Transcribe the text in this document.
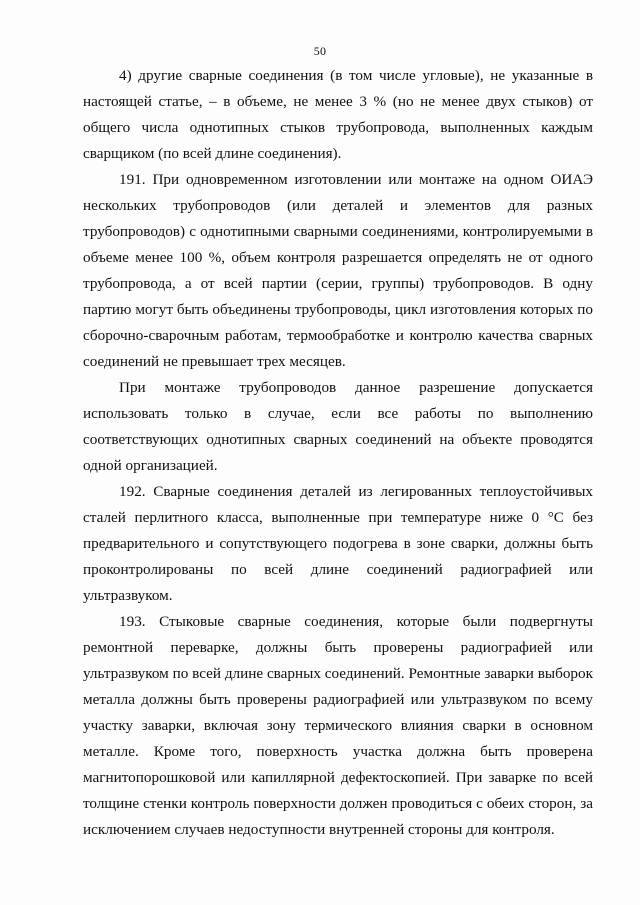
50

4) другие сварные соединения (в том числе угловые), не указанные в настоящей статье, – в объеме, не менее 3 % (но не менее двух стыков) от общего числа однотипных стыков трубопровода, выполненных каждым сварщиком (по всей длине соединения).

191. При одновременном изготовлении или монтаже на одном ОИАЭ нескольких трубопроводов (или деталей и элементов для разных трубопроводов) с однотипными сварными соединениями, контролируемыми в объеме менее 100 %, объем контроля разрешается определять не от одного трубопровода, а от всей партии (серии, группы) трубопроводов. В одну партию могут быть объединены трубопроводы, цикл изготовления которых по сборочно-сварочным работам, термообработке и контролю качества сварных соединений не превышает трех месяцев.

При монтаже трубопроводов данное разрешение допускается использовать только в случае, если все работы по выполнению соответствующих однотипных сварных соединений на объекте проводятся одной организацией.

192. Сварные соединения деталей из легированных теплоустойчивых сталей перлитного класса, выполненные при температуре ниже 0 °С без предварительного и сопутствующего подогрева в зоне сварки, должны быть проконтролированы по всей длине соединений радиографией или ультразвуком.

193. Стыковые сварные соединения, которые были подвергнуты ремонтной переварке, должны быть проверены радиографией или ультразвуком по всей длине сварных соединений. Ремонтные заварки выборок металла должны быть проверены радиографией или ультразвуком по всему участку заварки, включая зону термического влияния сварки в основном металле. Кроме того, поверхность участка должна быть проверена магнитопорошковой или капиллярной дефектоскопией. При заварке по всей толщине стенки контроль поверхности должен проводиться с обеих сторон, за исключением случаев недоступности внутренней стороны для контроля.
